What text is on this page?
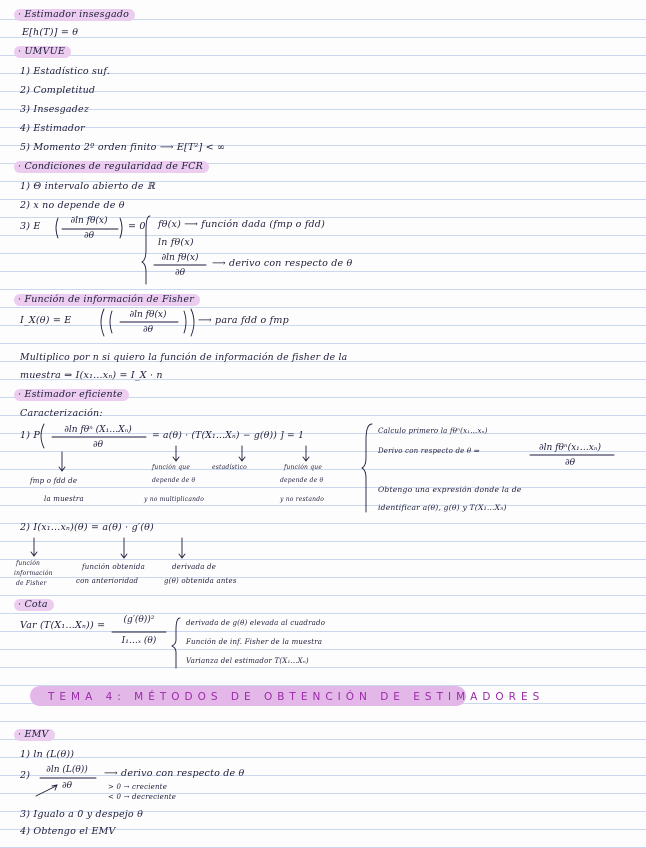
· Estimador insesgado
E[h(T)] = θ
· UMVUE
1) Estadístico suf.
2) Completitud
3) Insesgadez
4) Estimador
5) Momento 2º orden finito ⟶ E[T²] < ∞
· Condiciones de regularidad de FCR
1) Θ intervalo abierto de ℝ
2) x no depende de θ
3) E	∂ln fθ(x)
∂θ
= 0 fθ(x) ⟶ función dada (fmp o fdd)
ln fθ(x)
∂ln fθ(x)
∂θ
⟶ derivo con respecto de θ
· Función de información de Fisher
I_X(θ) = E	∂ln fθ(x)
∂θ
⟶ para fdd o fmp
Multiplico por n si quiero la función de información de fisher de la
muestra ⇒ I(x₁…xₙ) = I_X · n
· Estimador eficiente
Caracterización:
1) P	∂ln fθⁿ (X₁…Xₙ)
∂θ
= a(θ) · (T(X₁…Xₙ) − g(θ)) ] = 1
fmp o fdd de
la muestra
función que
depende de θ
y no multiplicando
estadístico	función que
depende de θ
y no restando
Calculo primero la fθⁿ(x₁…xₙ)
Derivo con respecto de θ ⇒	∂ln fθⁿ(x₁…xₙ)
∂θ
Obtengo una expresión donde la de
identificar a(θ), g(θ) y T(X₁…Xₙ)
2) I(x₁…xₙ)(θ) = a(θ) · g′(θ)
función
información
de Fisher
función obtenida
con anterioridad
derivada de
g(θ) obtenida antes
· Cota
Var (T(X₁…Xₙ)) =	(g′(θ))²
I₁…ₓ (θ)
derivada de g(θ) elevada al cuadrado
Función de inf. Fisher de la muestra
Varianza del estimador T(X₁…Xₙ)
TEMA 4: MÉTODOS DE OBTENCIÓN DE ESTIMADORES
· EMV
1) ln (L(θ))
2)	∂ln (L(θ))
∂θ
⟶ derivo con respecto de θ
> 0 → creciente
< 0 → decreciente
3) Igualo a 0 y despejo θ
4) Obtengo el EMV
